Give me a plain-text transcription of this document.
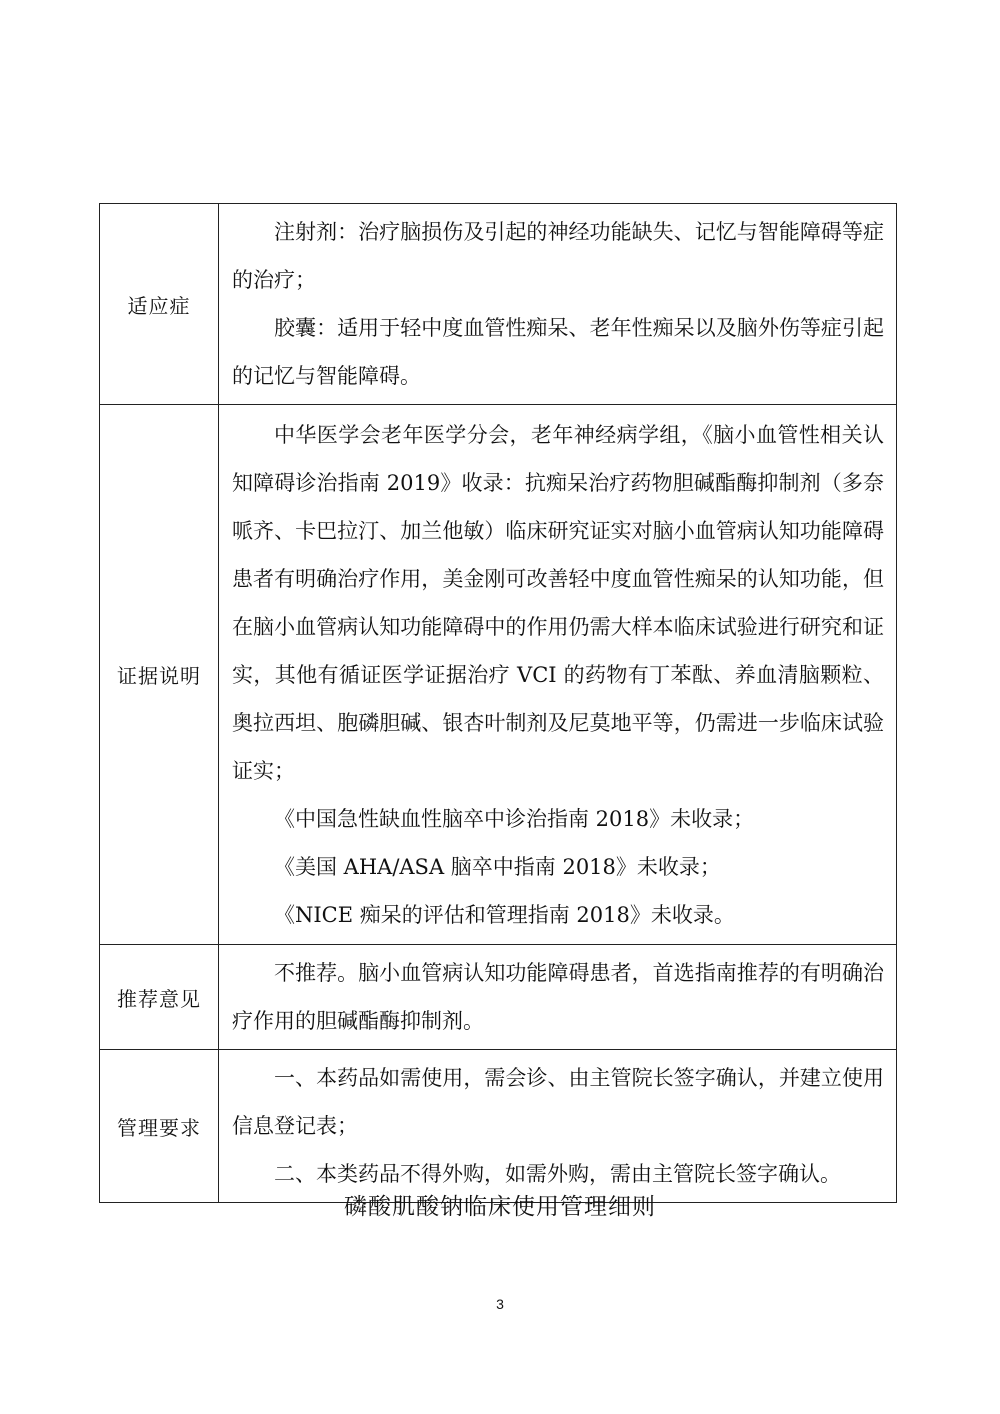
适应症	注射剂：治疗脑损伤及引起的神经功能缺失、记忆与智能障碍等症的治疗；

胶囊：适用于轻中度血管性痴呆、老年性痴呆以及脑外伤等症引起的记忆与智能障碍。

证据说明	中华医学会老年医学分会，老年神经病学组，《脑小血管性相关认知障碍诊治指南 2019》收录：抗痴呆治疗药物胆碱酯酶抑制剂（多奈哌齐、卡巴拉汀、加兰他敏）临床研究证实对脑小血管病认知功能障碍患者有明确治疗作用，美金刚可改善轻中度血管性痴呆的认知功能，但在脑小血管病认知功能障碍中的作用仍需大样本临床试验进行研究和证实，其他有循证医学证据治疗 VCI 的药物有丁苯酞、养血清脑颗粒、奥拉西坦、胞磷胆碱、银杏叶制剂及尼莫地平等，仍需进一步临床试验证实；

《中国急性缺血性脑卒中诊治指南 2018》未收录；

《美国 AHA/ASA 脑卒中指南 2018》未收录；

《NICE 痴呆的评估和管理指南 2018》未收录。

推荐意见	不推荐。脑小血管病认知功能障碍患者，首选指南推荐的有明确治疗作用的胆碱酯酶抑制剂。

管理要求	一、本药品如需使用，需会诊、由主管院长签字确认，并建立使用信息登记表；

二、本类药品不得外购，如需外购，需由主管院长签字确认。

磷酸肌酸钠临床使用管理细则
3
